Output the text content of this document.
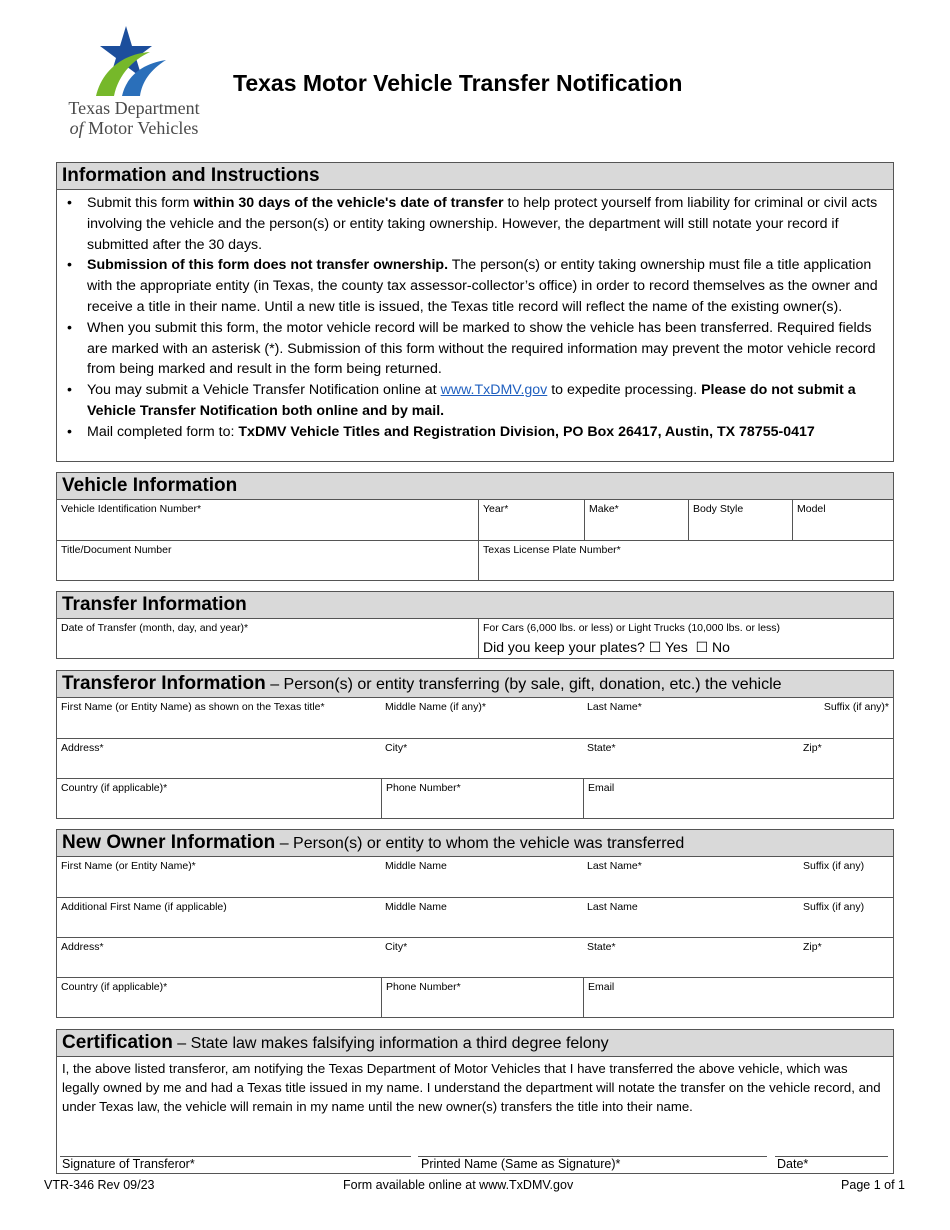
Texas Department
of Motor Vehicles
Texas Motor Vehicle Transfer Notification
Information and Instructions
• Submit this form within 30 days of the vehicle's date of transfer to help protect yourself from liability for criminal or civil acts involving the vehicle and the person(s) or entity taking ownership. However, the department will still notate your record if submitted after the 30 days.
• Submission of this form does not transfer ownership. The person(s) or entity taking ownership must file a title application with the appropriate entity (in Texas, the county tax assessor-collector’s office) in order to record themselves as the owner and receive a title in their name. Until a new title is issued, the Texas title record will reflect the name of the existing owner(s).
• When you submit this form, the motor vehicle record will be marked to show the vehicle has been transferred. Required fields are marked with an asterisk (*). Submission of this form without the required information may prevent the motor vehicle record from being marked and result in the form being returned.
• You may submit a Vehicle Transfer Notification online at www.TxDMV.gov to expedite processing. Please do not submit a Vehicle Transfer Notification both online and by mail.
• Mail completed form to: TxDMV Vehicle Titles and Registration Division, PO Box 26417, Austin, TX 78755-0417
Vehicle Information
Vehicle Identification Number*	Year*	Make*	Body Style	Model
Title/Document Number	Texas License Plate Number*
Transfer Information
Date of Transfer (month, day, and year)*	For Cars (6,000 lbs. or less) or Light Trucks (10,000 lbs. or less)
Did you keep your plates? ☐ Yes ☐ No
Transferor Information – Person(s) or entity transferring (by sale, gift, donation, etc.) the vehicle
First Name (or Entity Name) as shown on the Texas title*	Middle Name (if any)*	Last Name*	Suffix (if any)*
Address*	City*	State*	Zip*
Country (if applicable)*	Phone Number*	Email
New Owner Information – Person(s) or entity to whom the vehicle was transferred
First Name (or Entity Name)*	Middle Name	Last Name*	Suffix (if any)
Additional First Name (if applicable)	Middle Name	Last Name	Suffix (if any)
Address*	City*	State*	Zip*
Country (if applicable)*	Phone Number*	Email
Certification – State law makes falsifying information a third degree felony
I, the above listed transferor, am notifying the Texas Department of Motor Vehicles that I have transferred the above vehicle, which was legally owned by me and had a Texas title issued in my name. I understand the department will notate the transfer on the vehicle record, and under Texas law, the vehicle will remain in my name until the new owner(s) transfers the title into their name.
Signature of Transferor*	Printed Name (Same as Signature)*	Date*
VTR-346 Rev 09/23	Form available online at www.TxDMV.gov	Page 1 of 1
